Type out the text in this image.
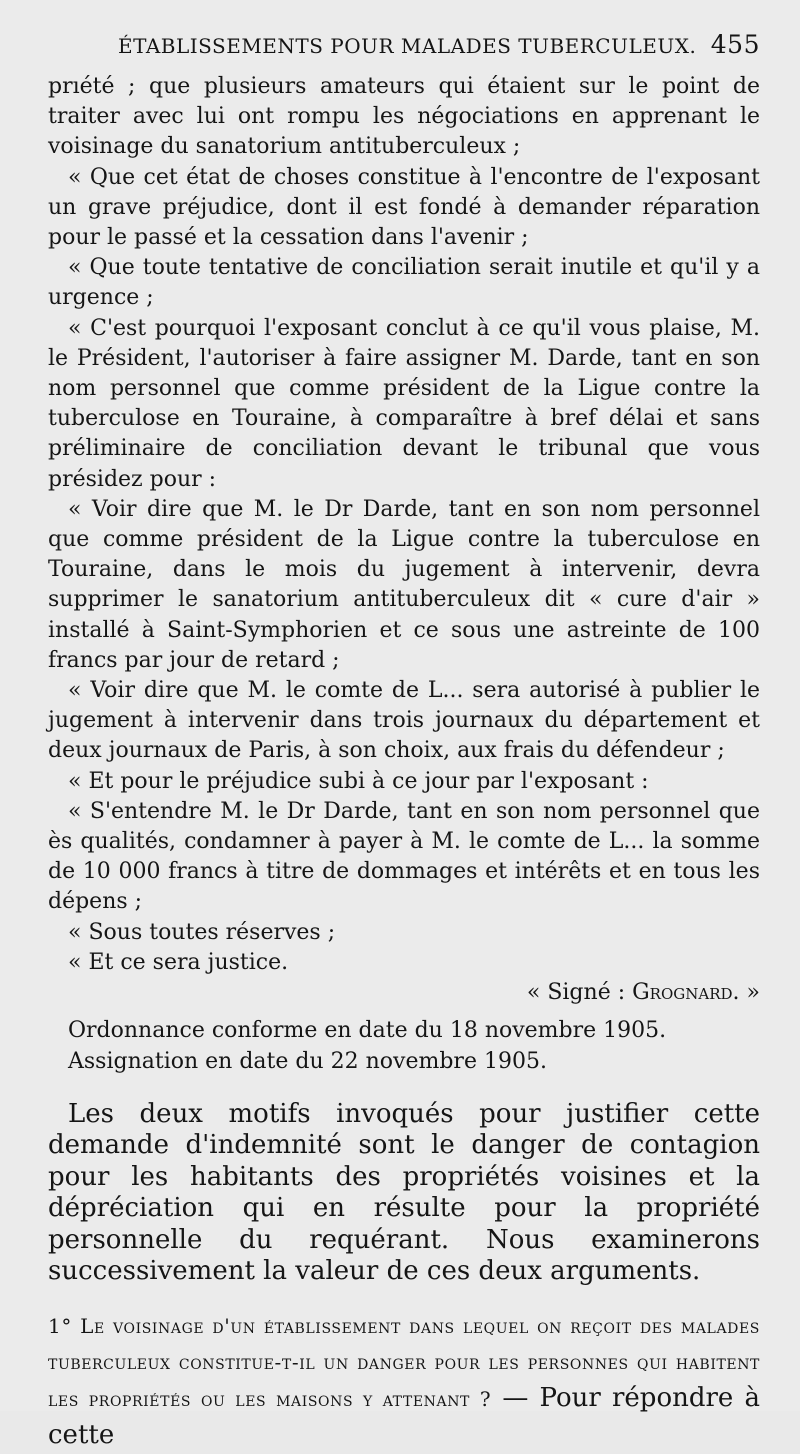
ÉTABLISSEMENTS POUR MALADES TUBERCULEUX. 455

prıété ; que plusieurs amateurs qui étaient sur le point de traiter avec lui ont rompu les négociations en apprenant le voisinage du sanatorium antituberculeux ;

« Que cet état de choses constitue à l'encontre de l'exposant un grave préjudice, dont il est fondé à demander réparation pour le passé et la cessation dans l'avenir ;

« Que toute tentative de conciliation serait inutile et qu'il y a urgence ;

« C'est pourquoi l'exposant conclut à ce qu'il vous plaise, M. le Président, l'autoriser à faire assigner M. Darde, tant en son nom personnel que comme président de la Ligue contre la tuberculose en Touraine, à comparaître à bref délai et sans préliminaire de conciliation devant le tribunal que vous présidez pour :

« Voir dire que M. le Dr Darde, tant en son nom personnel que comme président de la Ligue contre la tuberculose en Touraine, dans le mois du jugement à intervenir, devra supprimer le sanatorium antituberculeux dit « cure d'air » installé à Saint-Symphorien et ce sous une astreinte de 100 francs par jour de retard ;

« Voir dire que M. le comte de L... sera autorisé à publier le jugement à intervenir dans trois journaux du département et deux journaux de Paris, à son choix, aux frais du défendeur ;

« Et pour le préjudice subi à ce jour par l'exposant :

« S'entendre M. le Dr Darde, tant en son nom personnel que ès qualités, condamner à payer à M. le comte de L... la somme de 10 000 francs à titre de dommages et intérêts et en tous les dépens ;

« Sous toutes réserves ;

« Et ce sera justice.

« Signé : Grognard. »

Ordonnance conforme en date du 18 novembre 1905.

Assignation en date du 22 novembre 1905.

Les deux motifs invoqués pour justifier cette demande d'indemnité sont le danger de contagion pour les habitants des propriétés voisines et la dépréciation qui en résulte pour la propriété personnelle du requérant. Nous examinerons successivement la valeur de ces deux arguments.

1° Le voisinage d'un établissement dans lequel on reçoit des malades tuberculeux constitue-t-il un danger pour les personnes qui habitent les propriétés ou les maisons y attenant ? — Pour répondre à cette
